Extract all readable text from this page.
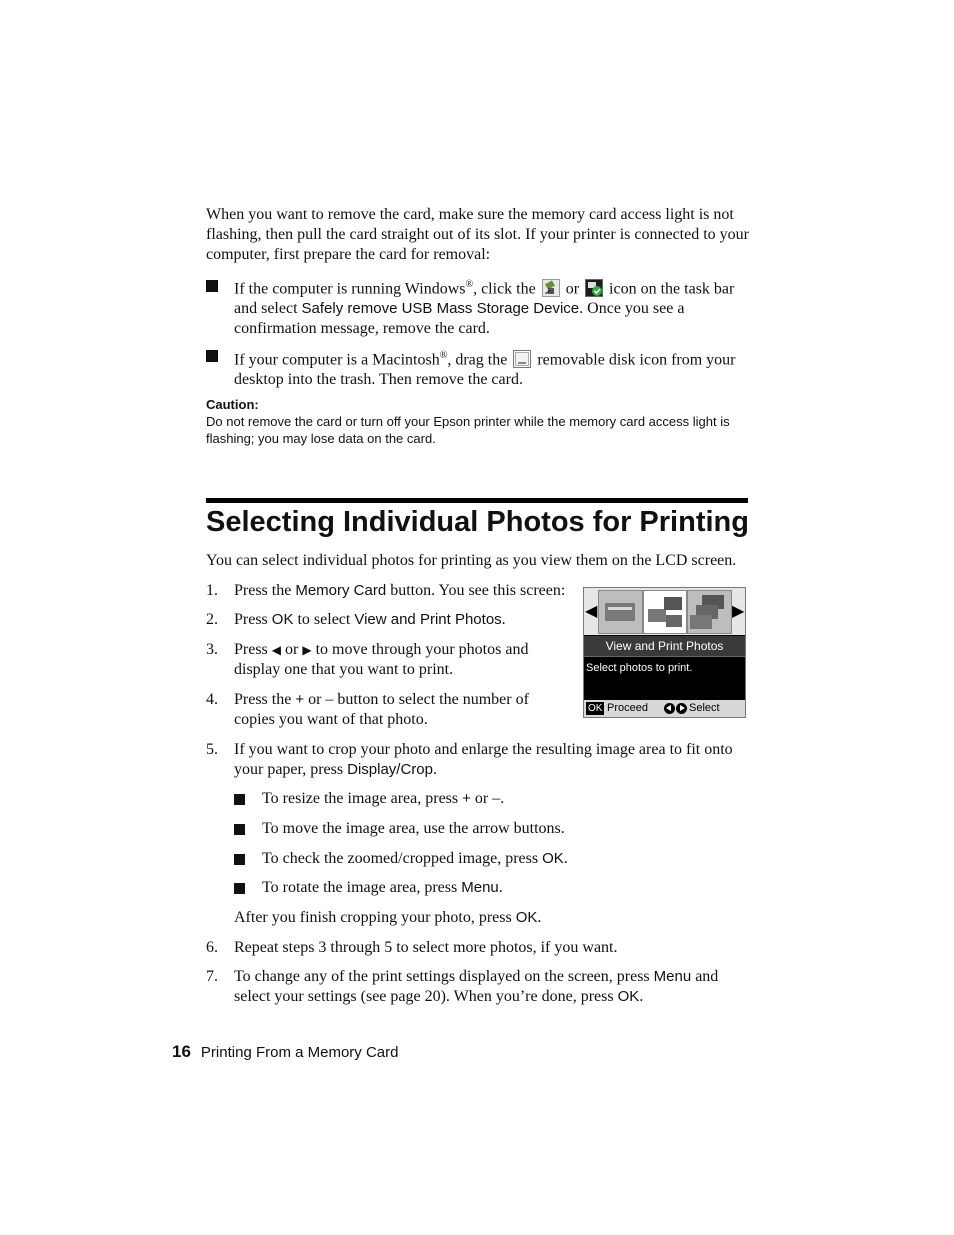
When you want to remove the card, make sure the memory card access light is not flashing, then pull the card straight out of its slot. If your printer is connected to your computer, first prepare the card for removal:
If the computer is running Windows®, click the or icon on the task bar and select Safely remove USB Mass Storage Device. Once you see a confirmation message, remove the card.
If your computer is a Macintosh®, drag the removable disk icon from your desktop into the trash. Then remove the card.
Caution:
Do not remove the card or turn off your Epson printer while the memory card access light is flashing; you may lose data on the card.
Selecting Individual Photos for Printing
You can select individual photos for printing as you view them on the LCD screen.
1. Press the Memory Card button. You see this screen:
2. Press OK to select View and Print Photos.
3. Press ◀ or ▶ to move through your photos and display one that you want to print.
4. Press the + or – button to select the number of copies you want of that photo.
◀	▶
View and Print Photos
Select photos to print.
OK Proceed	Select
5. If you want to crop your photo and enlarge the resulting image area to fit onto your paper, press Display/Crop.
To resize the image area, press + or –.
To move the image area, use the arrow buttons.
To check the zoomed/cropped image, press OK.
To rotate the image area, press Menu.
After you finish cropping your photo, press OK.
6. Repeat steps 3 through 5 to select more photos, if you want.
7. To change any of the print settings displayed on the screen, press Menu and select your settings (see page 20). When you’re done, press OK.
16 Printing From a Memory Card
